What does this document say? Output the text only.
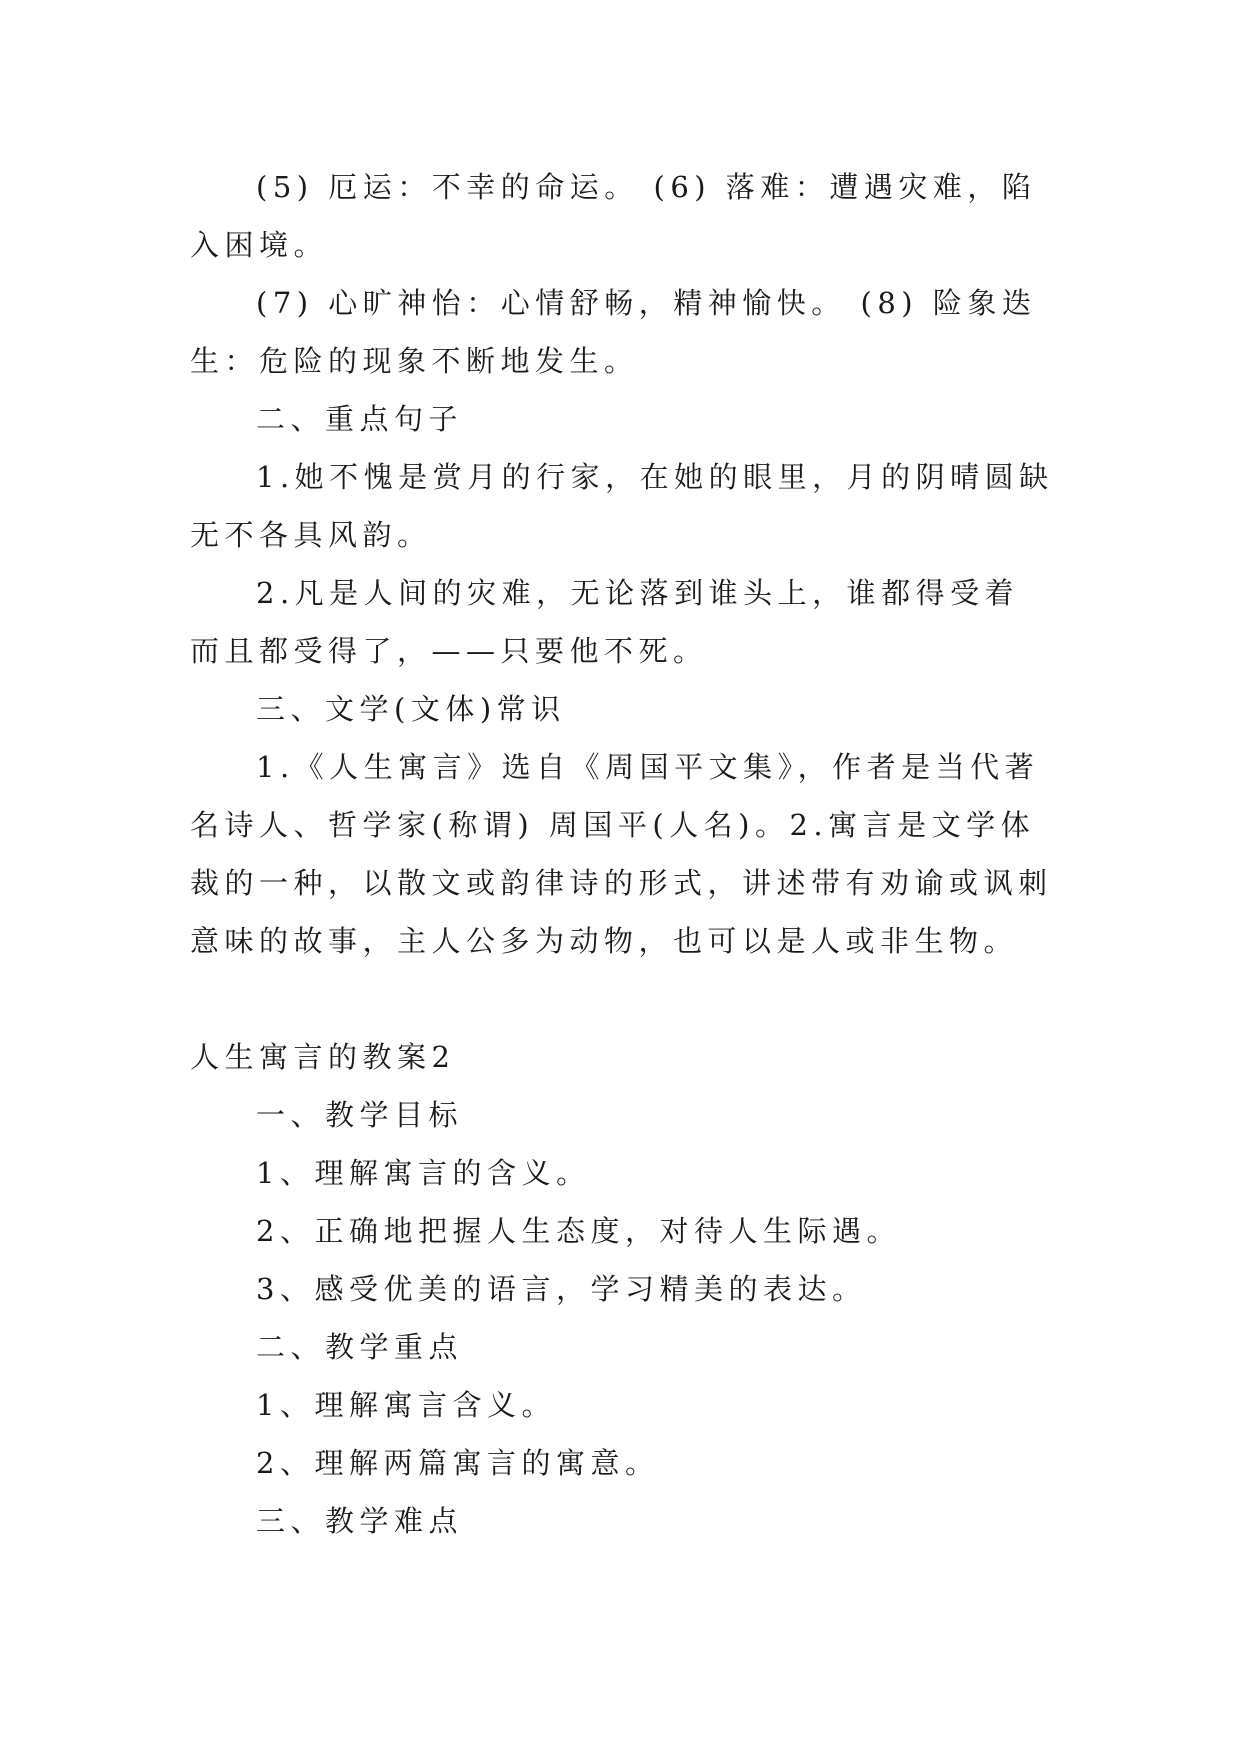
(5) 厄运：不幸的命运。 (6) 落难：遭遇灾难，陷入困境。

(7) 心旷神怡：心情舒畅，精神愉快。 (8) 险象迭生：危险的现象不断地发生。

二、重点句子

1.她不愧是赏月的行家，在她的眼里，月的阴晴圆缺无不各具风韵。

2.凡是人间的灾难，无论落到谁头上，谁都得受着 而且都受得了，——只要他不死。

三、文学(文体)常识

1.《人生寓言》选自《周国平文集》，作者是当代著名诗人、哲学家(称谓) 周国平(人名)。2.寓言是文学体裁的一种，以散文或韵律诗的形式，讲述带有劝谕或讽刺意味的故事，主人公多为动物，也可以是人或非生物。

人生寓言的教案2

一、教学目标

1、理解寓言的含义。

2、正确地把握人生态度，对待人生际遇。

3、感受优美的语言，学习精美的表达。

二、教学重点

1、理解寓言含义。

2、理解两篇寓言的寓意。

三、教学难点
